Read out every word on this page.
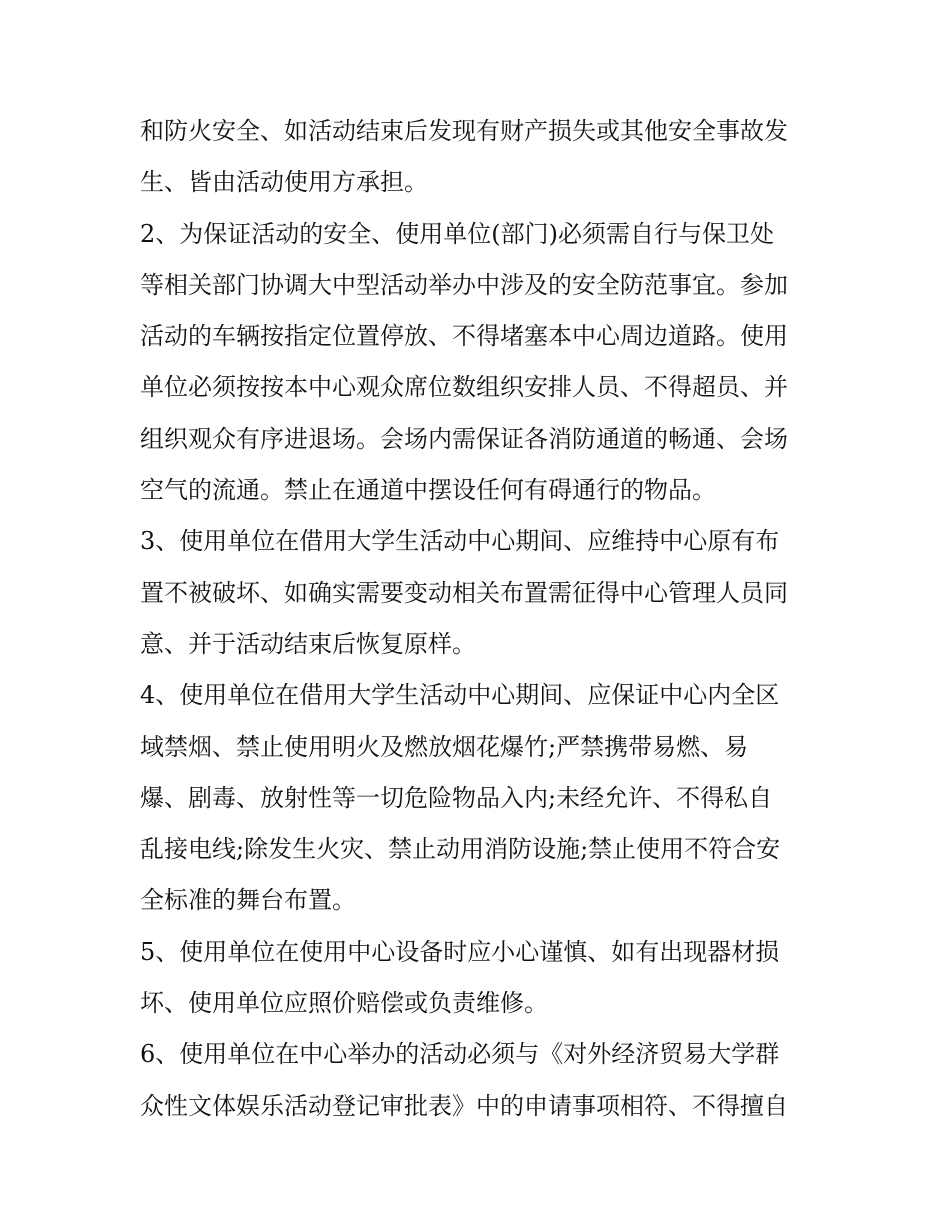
和防火安全、如活动结束后发现有财产损失或其他安全事故发
生、皆由活动使用方承担。
2、为保证活动的安全、使用单位(部门)必须需自行与保卫处
等相关部门协调大中型活动举办中涉及的安全防范事宜。参加
活动的车辆按指定位置停放、不得堵塞本中心周边道路。使用
单位必须按按本中心观众席位数组织安排人员、不得超员、并
组织观众有序进退场。会场内需保证各消防通道的畅通、会场
空气的流通。禁止在通道中摆设任何有碍通行的物品。
3、使用单位在借用大学生活动中心期间、应维持中心原有布
置不被破坏、如确实需要变动相关布置需征得中心管理人员同
意、并于活动结束后恢复原样。
4、使用单位在借用大学生活动中心期间、应保证中心内全区
域禁烟、禁止使用明火及燃放烟花爆竹;严禁携带易燃、易
爆、剧毒、放射性等一切危险物品入内;未经允许、不得私自
乱接电线;除发生火灾、禁止动用消防设施;禁止使用不符合安
全标准的舞台布置。
5、使用单位在使用中心设备时应小心谨慎、如有出现器材损
坏、使用单位应照价赔偿或负责维修。
6、使用单位在中心举办的活动必须与《对外经济贸易大学群
众性文体娱乐活动登记审批表》中的申请事项相符、不得擅自
